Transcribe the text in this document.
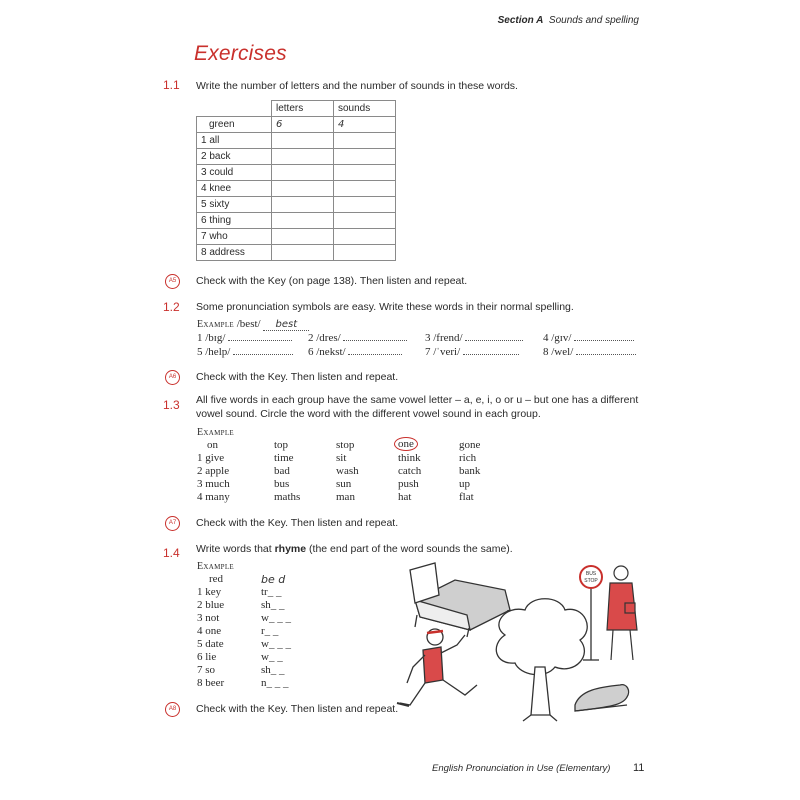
Section A Sounds and spelling
Exercises
1.1 Write the number of letters and the number of sounds in these words.
	letters	sounds
green	6	4
1 all		
2 back		
3 could		
4 knee		
5 sixty		
6 thing		
7 who		
8 address		
A5	Check with the Key (on page 138). Then listen and repeat.
1.2 Some pronunciation symbols are easy. Write these words in their normal spelling.
Example /best/ best
1 /bɪg/	2 /dres/	3 /frend/	4 /gɪv/
5 /help/	6 /nekst/	7 /ˈveri/	8 /wel/
A6	Check with the Key. Then listen and repeat.
1.3 All five words in each group have the same vowel letter – a, e, i, o or u – but one has a different
vowel sound. Circle the word with the different vowel sound in each group.
Example
on	top	stop	one	gone
1 give	time	sit	think	rich
2 apple	bad	wash	catch	bank
3 much	bus	sun	push	up
4 many	maths	man	hat	flat
A7	Check with the Key. Then listen and repeat.
1.4 Write words that rhyme (the end part of the word sounds the same).
Example
red	be d
1 key	tr_ _
2 blue	sh_ _
3 not	w_ _ _
4 one	r_ _
5 date	w_ _ _
6 lie	w_ _
7 so	sh_ _
8 beer	n_ _ _
A8	Check with the Key. Then listen and repeat.
BUS
STOP
English Pronunciation in Use (Elementary) 11
